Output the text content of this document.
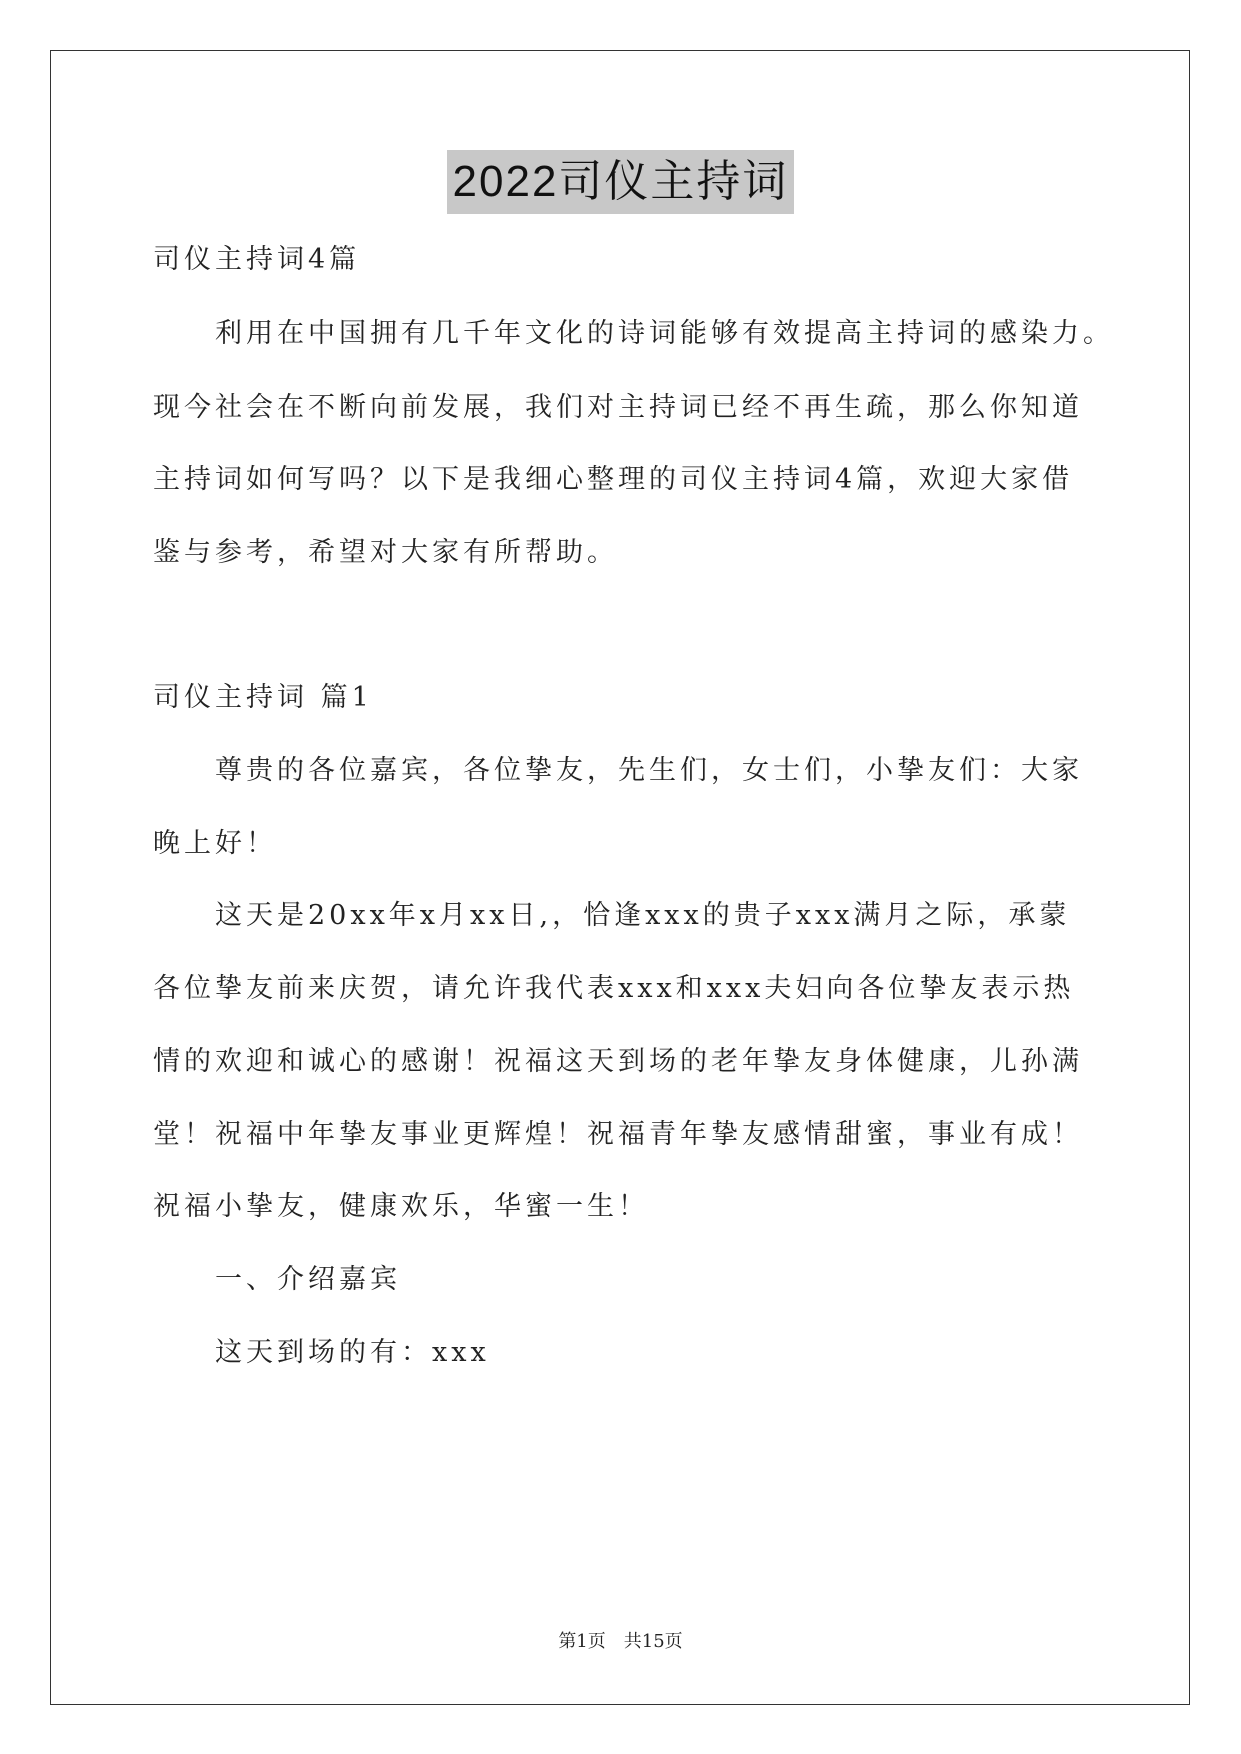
2022司仪主持词
司仪主持词4篇
利用在中国拥有几千年文化的诗词能够有效提高主持词的感染力。
现今社会在不断向前发展，我们对主持词已经不再生疏，那么你知道
主持词如何写吗？以下是我细心整理的司仪主持词4篇，欢迎大家借
鉴与参考，希望对大家有所帮助。
司仪主持词 篇1
尊贵的各位嘉宾，各位挚友，先生们，女士们，小挚友们：大家
晚上好！
这天是20xx年x月xx日,，恰逢xxx的贵子xxx满月之际，承蒙
各位挚友前来庆贺，请允许我代表xxx和xxx夫妇向各位挚友表示热
情的欢迎和诚心的感谢！祝福这天到场的老年挚友身体健康，儿孙满
堂！祝福中年挚友事业更辉煌！祝福青年挚友感情甜蜜，事业有成！
祝福小挚友，健康欢乐，华蜜一生！
一、介绍嘉宾
这天到场的有：xxx
第1页 共15页
